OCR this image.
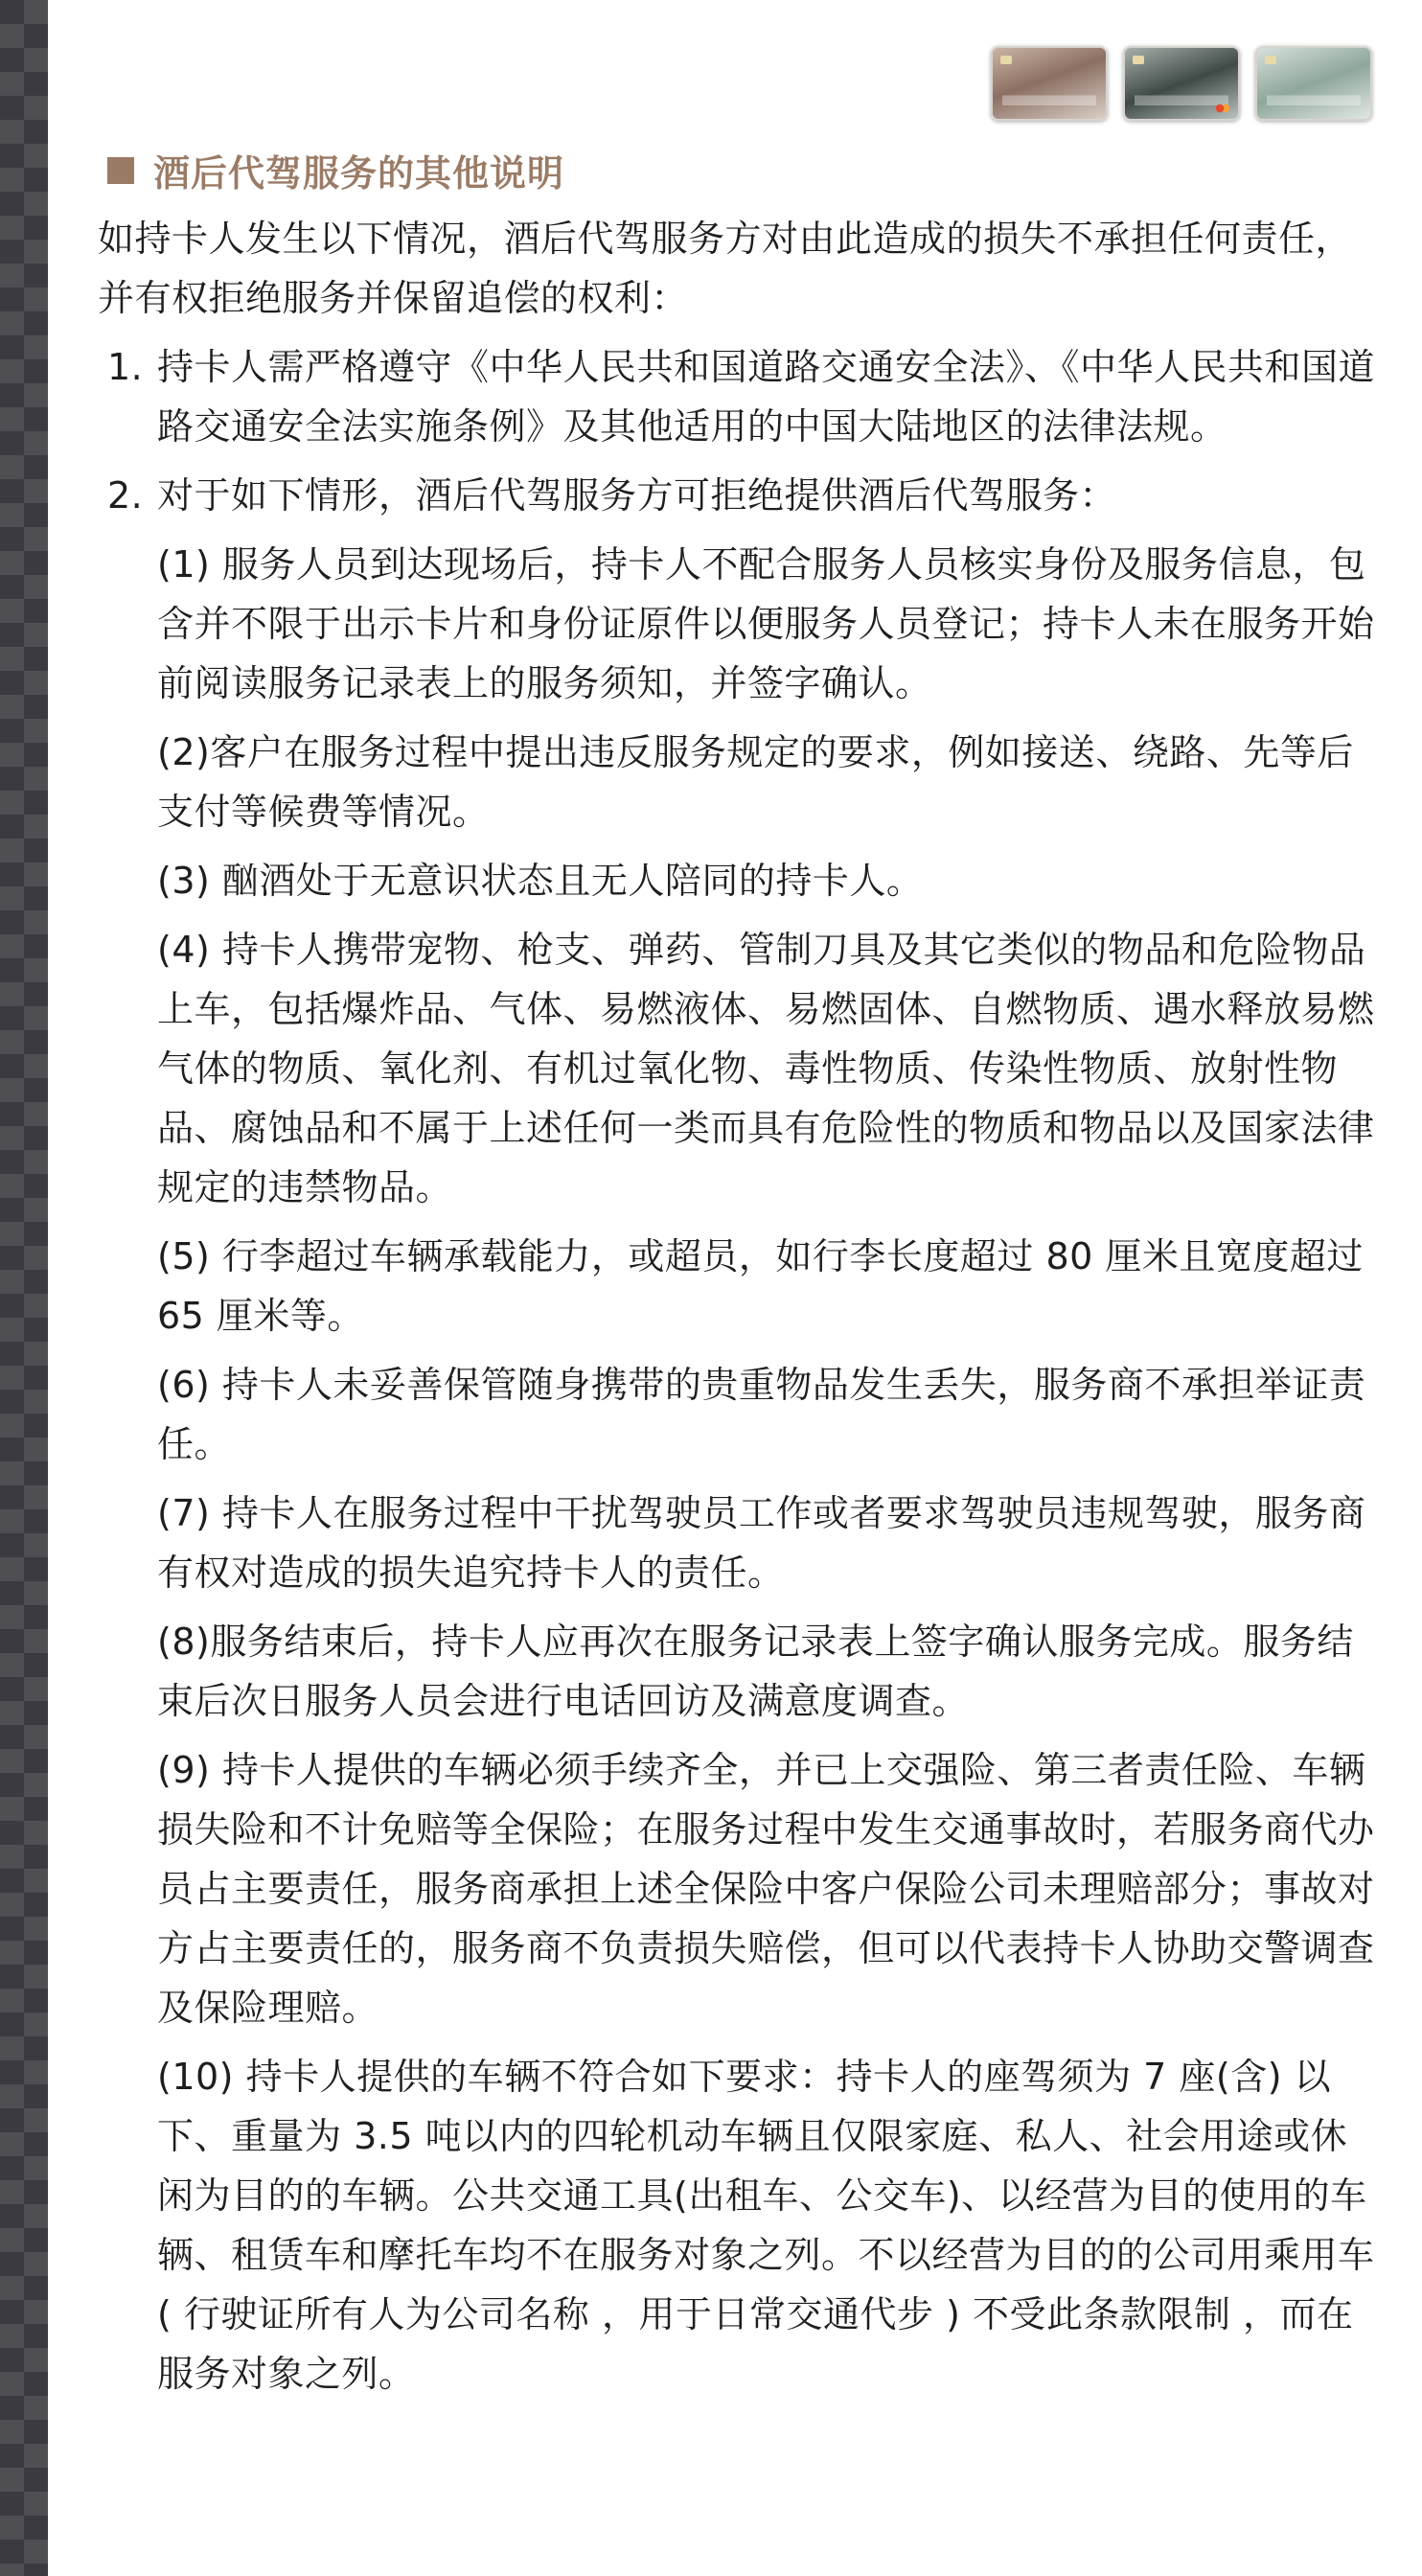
酒后代驾服务的其他说明

如持卡人发生以下情况，酒后代驾服务方对由此造成的损失不承担任何责任，并有权拒绝服务并保留追偿的权利：

1. 持卡人需严格遵守《中华人民共和国道路交通安全法》、《中华人民共和国道路交通安全法实施条例》及其他适用的中国大陆地区的法律法规。
2. 对于如下情形，酒后代驾服务方可拒绝提供酒后代驾服务：

(1) 服务人员到达现场后，持卡人不配合服务人员核实身份及服务信息，包含并不限于出示卡片和身份证原件以便服务人员登记；持卡人未在服务开始前阅读服务记录表上的服务须知，并签字确认。

(2)客户在服务过程中提出违反服务规定的要求，例如接送、绕路、先等后支付等候费等情况。

(3) 酗酒处于无意识状态且无人陪同的持卡人。

(4) 持卡人携带宠物、枪支、弹药、管制刀具及其它类似的物品和危险物品上车，包括爆炸品、气体、易燃液体、易燃固体、自燃物质、遇水释放易燃气体的物质、氧化剂、有机过氧化物、毒性物质、传染性物质、放射性物品、腐蚀品和不属于上述任何一类而具有危险性的物质和物品以及国家法律规定的违禁物品。

(5) 行李超过车辆承载能力，或超员，如行李长度超过 80 厘米且宽度超过 65 厘米等。

(6) 持卡人未妥善保管随身携带的贵重物品发生丢失，服务商不承担举证责任。

(7) 持卡人在服务过程中干扰驾驶员工作或者要求驾驶员违规驾驶，服务商有权对造成的损失追究持卡人的责任。

(8)服务结束后，持卡人应再次在服务记录表上签字确认服务完成。服务结束后次日服务人员会进行电话回访及满意度调查。

(9) 持卡人提供的车辆必须手续齐全，并已上交强险、第三者责任险、车辆损失险和不计免赔等全保险；在服务过程中发生交通事故时，若服务商代办员占主要责任，服务商承担上述全保险中客户保险公司未理赔部分；事故对方占主要责任的，服务商不负责损失赔偿，但可以代表持卡人协助交警调查及保险理赔。

(10) 持卡人提供的车辆不符合如下要求：持卡人的座驾须为 7 座(含) 以下、重量为 3.5 吨以内的四轮机动车辆且仅限家庭、私人、社会用途或休闲为目的的车辆。公共交通工具(出租车、公交车)、以经营为目的使用的车辆、租赁车和摩托车均不在服务对象之列。不以经营为目的的公司用乘用车 ( 行驶证所有人为公司名称 ，用于日常交通代步 ) 不受此条款限制 ，而在服务对象之列。
